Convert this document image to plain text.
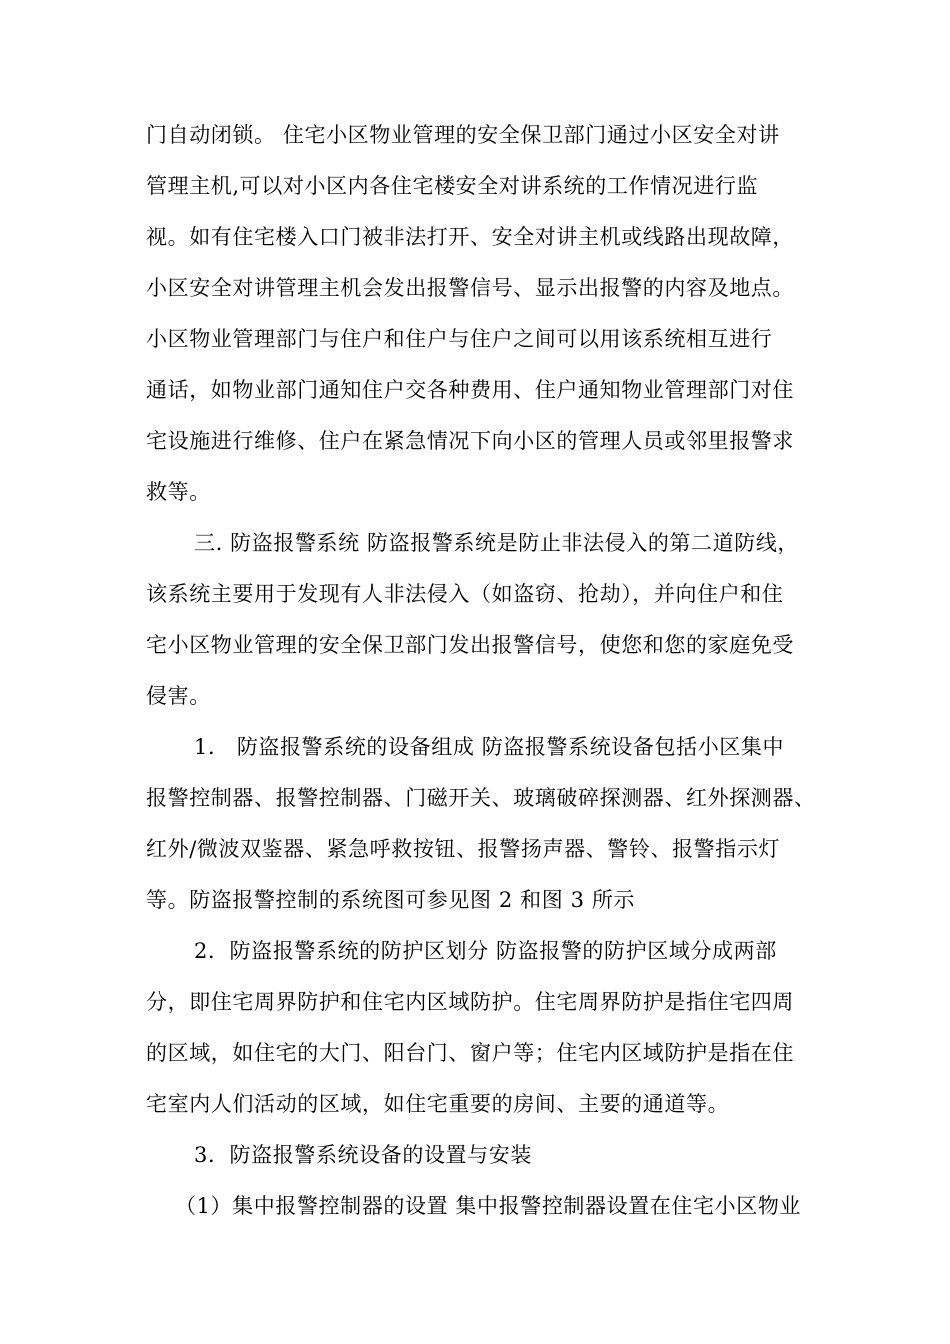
门自动闭锁。 住宅小区物业管理的安全保卫部门通过小区安全对讲
管理主机,可以对小区内各住宅楼安全对讲系统的工作情况进行监
视。如有住宅楼入口门被非法打开、安全对讲主机或线路出现故障，
小区安全对讲管理主机会发出报警信号、显示出报警的内容及地点。
小区物业管理部门与住户和住户与住户之间可以用该系统相互进行
通话，如物业部门通知住户交各种费用、住户通知物业管理部门对住
宅设施进行维修、住户在紧急情况下向小区的管理人员或邻里报警求
救等。
三. 防盗报警系统 防盗报警系统是防止非法侵入的第二道防线，
该系统主要用于发现有人非法侵入（如盗窃、抢劫），并向住户和住
宅小区物业管理的安全保卫部门发出报警信号，使您和您的家庭免受
侵害。
1． 防盗报警系统的设备组成 防盗报警系统设备包括小区集中
报警控制器、报警控制器、门磁开关、玻璃破碎探测器、红外探测器、
红外/微波双鉴器、紧急呼救按钮、报警扬声器、警铃、报警指示灯
等。防盗报警控制的系统图可参见图 2 和图 3 所示
2．防盗报警系统的防护区划分 防盗报警的防护区域分成两部
分，即住宅周界防护和住宅内区域防护。住宅周界防护是指住宅四周
的区域，如住宅的大门、阳台门、窗户等；住宅内区域防护是指在住
宅室内人们活动的区域，如住宅重要的房间、主要的通道等。
3．防盗报警系统设备的设置与安装
（1）集中报警控制器的设置 集中报警控制器设置在住宅小区物业
